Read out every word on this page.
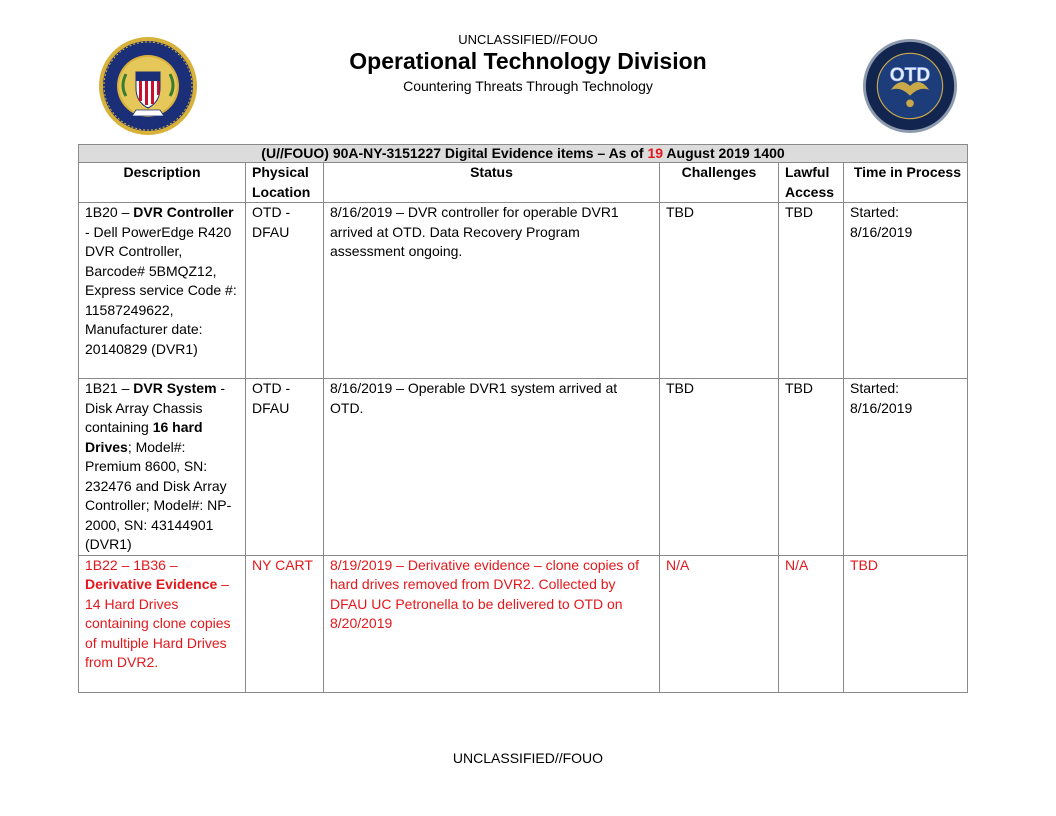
UNCLASSIFIED//FOUO
Operational Technology Division
Countering Threats Through Technology	OTD
(U//FOUO) 90A-NY-3151227 Digital Evidence items – As of 19 August 2019 1400					
Description	Physical Location	Status	Challenges	Lawful Access	Time in Process
1B20 – DVR Controller - Dell PowerEdge R420 DVR Controller, Barcode# 5BMQZ12, Express service Code #: 11587249622, Manufacturer date: 20140829 (DVR1)	OTD - DFAU	8/16/2019 – DVR controller for operable DVR1 arrived at OTD. Data Recovery Program assessment ongoing.	TBD	TBD	Started: 8/16/2019
1B21 – DVR System - Disk Array Chassis containing 16 hard Drives; Model#: Premium 8600, SN: 232476 and Disk Array Controller; Model#: NP-2000, SN: 43144901 (DVR1)	OTD - DFAU	8/16/2019 – Operable DVR1 system arrived at OTD.	TBD	TBD	Started: 8/16/2019
1B22 – 1B36 – Derivative Evidence – 14 Hard Drives containing clone copies of multiple Hard Drives from DVR2.	NY CART	8/19/2019 – Derivative evidence – clone copies of hard drives removed from DVR2. Collected by DFAU UC Petronella to be delivered to OTD on 8/20/2019	N/A	N/A	TBD
UNCLASSIFIED//FOUO
